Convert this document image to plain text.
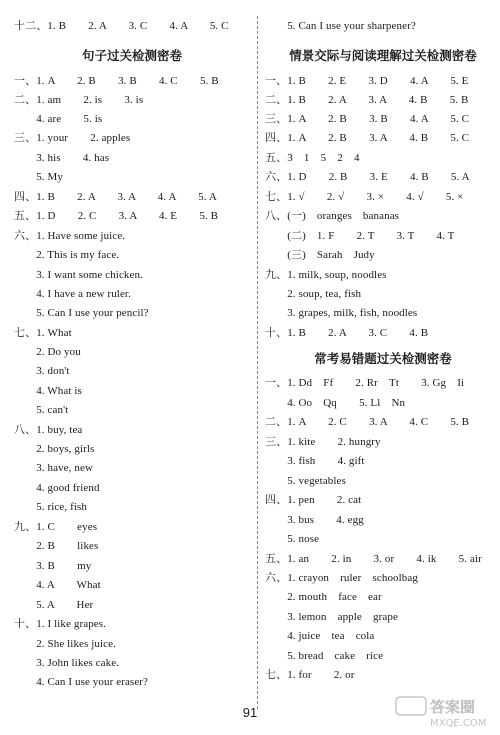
十二、1. B　　2. A　　3. C　　4. A　　5. C
句子过关检测密卷
一、1. A　　2. B　　3. B　　4. C　　5. B
二、1. am　　2. is　　3. is
　　4. are　　5. is
三、1. your　　2. apples
　　3. his　　4. has
　　5. My
四、1. B　　2. A　　3. A　　4. A　　5. A
五、1. D　　2. C　　3. A　　4. E　　5. B
六、1. Have some juice.
　　2. This is my face.
　　3. I want some chicken.
　　4. I have a new ruler.
　　5. Can I use your pencil?
七、1. What
　　2. Do you
　　3. don't
　　4. What is
　　5. can't
八、1. buy, tea
　　2. boys, girls
　　3. have, new
　　4. good friend
　　5. rice, fish
九、1. C　　eyes
　　2. B　　likes
　　3. B　　my
　　4. A　　What
　　5. A　　Her
十、1. I like grapes.
　　2. She likes juice.
　　3. John likes cake.
　　4. Can I use your eraser?
　　5. Can I use your sharpener?
情景交际与阅读理解过关检测密卷
一、1. B　　2. E　　3. D　　4. A　　5. E
二、1. B　　2. A　　3. A　　4. B　　5. B
三、1. A　　2. B　　3. B　　4. A　　5. C
四、1. A　　2. B　　3. A　　4. B　　5. C
五、3　1　5　2　4
六、1. D　　2. B　　3. E　　4. B　　5. A
七、1. √　　2. √　　3. ×　　4. √　　5. ×
八、(一)　oranges　bananas
　　(二)　1. F　　2. T　　3. T　　4. T
　　(三)　Sarah　Judy
九、1. milk, soup, noodles
　　2. soup, tea, fish
　　3. grapes, milk, fish, noodles
十、1. B　　2. A　　3. C　　4. B
常考易错题过关检测密卷
一、1. Dd　Ff　　2. Rr　Tt　　3. Gg　Ii
　　4. Oo　Qq　　5. Ll　Nn
二、1. A　　2. C　　3. A　　4. C　　5. B
三、1. kite　　2. hungry
　　3. fish　　4. gift
　　5. vegetables
四、1. pen　　2. cat
　　3. bus　　4. egg
　　5. nose
五、1. an　　2. in　　3. or　　4. ik　　5. air
六、1. crayon　ruler　schoolbag
　　2. mouth　face　ear
　　3. lemon　apple　grape
　　4. juice　tea　cola
　　5. bread　cake　rice
七、1. for　　2. or
91	答案圈
MXQE.COM
